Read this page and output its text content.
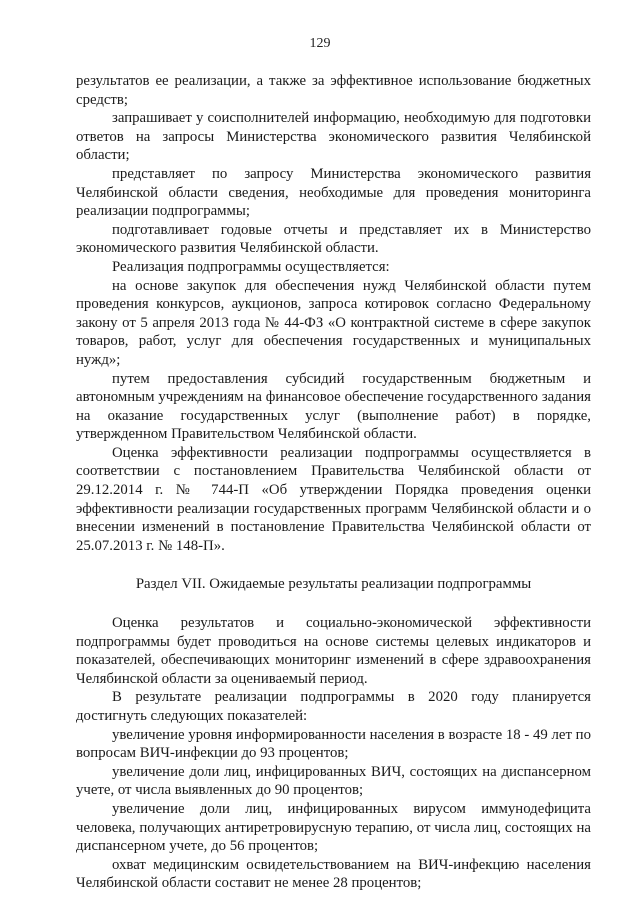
129

результатов ее реализации, а также за эффективное использование бюджетных средств;

запрашивает у соисполнителей информацию, необходимую для подготовки ответов на запросы Министерства экономического развития Челябинской области;

представляет по запросу Министерства экономического развития Челябинской области сведения, необходимые для проведения мониторинга реализации подпрограммы;

подготавливает годовые отчеты и представляет их в Министерство экономического развития Челябинской области.

Реализация подпрограммы осуществляется:

на основе закупок для обеспечения нужд Челябинской области путем проведения конкурсов, аукционов, запроса котировок согласно Федеральному закону от 5 апреля 2013 года № 44-ФЗ «О контрактной системе в сфере закупок товаров, работ, услуг для обеспечения государственных и муниципальных нужд»;

путем предоставления субсидий государственным бюджетным и автономным учреждениям на финансовое обеспечение государственного задания на оказание государственных услуг (выполнение работ) в порядке, утвержденном Правительством Челябинской области.

Оценка эффективности реализации подпрограммы осуществляется в соответствии с постановлением Правительства Челябинской области от 29.12.2014 г. № 744-П «Об утверждении Порядка проведения оценки эффективности реализации государственных программ Челябинской области и о внесении изменений в постановление Правительства Челябинской области от 25.07.2013 г. № 148-П».

Раздел VII. Ожидаемые результаты реализации подпрограммы

Оценка результатов и социально-экономической эффективности подпрограммы будет проводиться на основе системы целевых индикаторов и показателей, обеспечивающих мониторинг изменений в сфере здравоохранения Челябинской области за оцениваемый период.

В результате реализации подпрограммы в 2020 году планируется достигнуть следующих показателей:

увеличение уровня информированности населения в возрасте 18 - 49 лет по вопросам ВИЧ-инфекции до 93 процентов;

увеличение доли лиц, инфицированных ВИЧ, состоящих на диспансерном учете, от числа выявленных до 90 процентов;

увеличение доли лиц, инфицированных вирусом иммунодефицита человека, получающих антиретровирусную терапию, от числа лиц, состоящих на диспансерном учете, до 56 процентов;

охват медицинским освидетельствованием на ВИЧ-инфекцию населения Челябинской области составит не менее 28 процентов;
